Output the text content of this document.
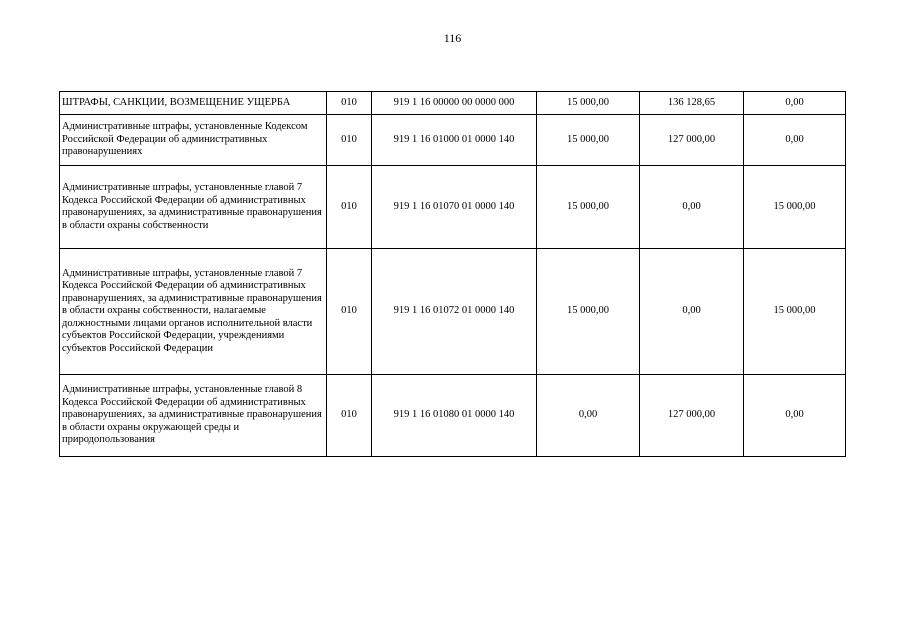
116
ШТРАФЫ, САНКЦИИ, ВОЗМЕЩЕНИЕ УЩЕРБА	010	919 1 16 00000 00 0000 000	15 000,00	136 128,65	0,00
Административные штрафы, установленные Кодексом Российской Федерации об административных правонарушениях	010	919 1 16 01000 01 0000 140	15 000,00	127 000,00	0,00
Административные штрафы, установленные главой 7 Кодекса Российской Федерации об административных правонарушениях, за административные правонарушения в области охраны собственности	010	919 1 16 01070 01 0000 140	15 000,00	0,00	15 000,00
Административные штрафы, установленные главой 7 Кодекса Российской Федерации об административных правонарушениях, за административные правонарушения в области охраны собственности, налагаемые должностными лицами органов исполнительной власти субъектов Российской Федерации, учреждениями субъектов Российской Федерации	010	919 1 16 01072 01 0000 140	15 000,00	0,00	15 000,00
Административные штрафы, установленные главой 8 Кодекса Российской Федерации об административных правонарушениях, за административные правонарушения в области охраны окружающей среды и природопользования	010	919 1 16 01080 01 0000 140	0,00	127 000,00	0,00
